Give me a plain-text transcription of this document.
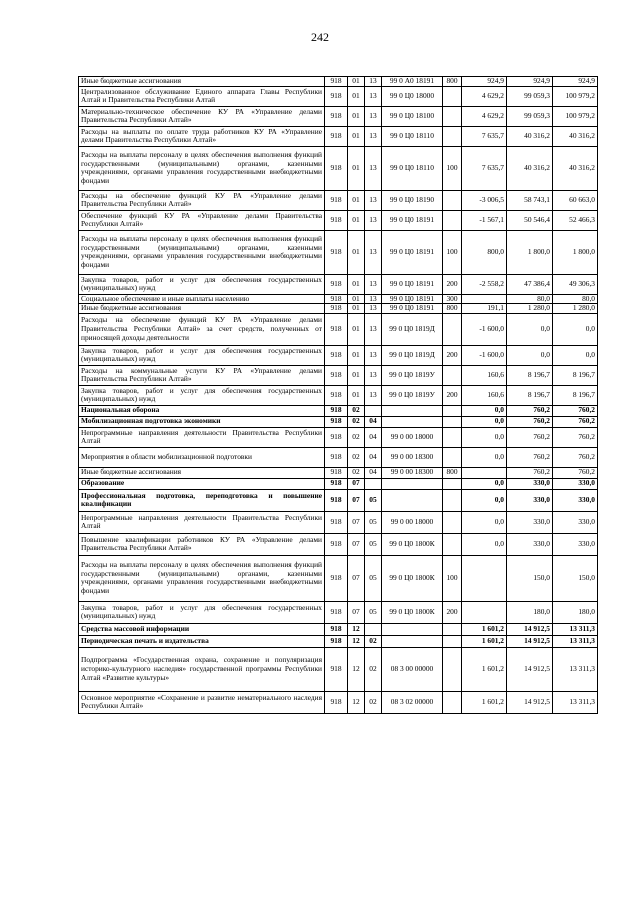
242
Иные бюджетные ассигнования	918	01	13	99 0 А0 18191	800	924,9	924,9	924,9
Централизованное обслуживание Единого аппарата Главы Республики Алтай и Правительства Республики Алтай	918	01	13	99 0 Ц0 18000		4 629,2	99 059,3	100 979,2
Материально-техническое обеспечение КУ РА «Управление делами Правительства Республики Алтай»	918	01	13	99 0 Ц0 18100		4 629,2	99 059,3	100 979,2
Расходы на выплаты по оплате труда работников КУ РА «Управление делами Правительства Республики Алтай»	918	01	13	99 0 Ц0 18110		7 635,7	40 316,2	40 316,2
Расходы на выплаты персоналу в целях обеспечения выполнения функций государственными (муниципальными) органами, казенными учреждениями, органами управления государственными внебюджетными фондами	918	01	13	99 0 Ц0 18110	100	7 635,7	40 316,2	40 316,2
Расходы на обеспечение функций КУ РА «Управление делами Правительства Республики Алтай»	918	01	13	99 0 Ц0 18190		-3 006,5	58 743,1	60 663,0
Обеспечение функций КУ РА «Управление делами Правительства Республики Алтай»	918	01	13	99 0 Ц0 18191		-1 567,1	50 546,4	52 466,3
Расходы на выплаты персоналу в целях обеспечения выполнения функций государственными (муниципальными) органами, казенными учреждениями, органами управления государственными внебюджетными фондами	918	01	13	99 0 Ц0 18191	100	800,0	1 800,0	1 800,0
Закупка товаров, работ и услуг для обеспечения государственных (муниципальных) нужд	918	01	13	99 0 Ц0 18191	200	-2 558,2	47 386,4	49 306,3
Социальное обеспечение и иные выплаты населению	918	01	13	99 0 Ц0 18191	300		80,0	80,0
Иные бюджетные ассигнования	918	01	13	99 0 Ц0 18191	800	191,1	1 280,0	1 280,0
Расходы на обеспечение функций КУ РА «Управление делами Правительства Республики Алтай» за счет средств, полученных от приносящей доходы деятельности	918	01	13	99 0 Ц0 1819Д		-1 600,0	0,0	0,0
Закупка товаров, работ и услуг для обеспечения государственных (муниципальных) нужд	918	01	13	99 0 Ц0 1819Д	200	-1 600,0	0,0	0,0
Расходы на коммунальные услуги КУ РА «Управление делами Правительства Республики Алтай»	918	01	13	99 0 Ц0 1819У		160,6	8 196,7	8 196,7
Закупка товаров, работ и услуг для обеспечения государственных (муниципальных) нужд	918	01	13	99 0 Ц0 1819У	200	160,6	8 196,7	8 196,7
Национальная оборона	918	02				0,0	760,2	760,2
Мобилизационная подготовка экономики	918	02	04			0,0	760,2	760,2
Непрограммные направления деятельности Правительства Республики Алтай	918	02	04	99 0 00 18000		0,0	760,2	760,2
Мероприятия в области мобилизационной подготовки	918	02	04	99 0 00 18300		0,0	760,2	760,2
Иные бюджетные ассигнования	918	02	04	99 0 00 18300	800		760,2	760,2
Образование	918	07				0,0	330,0	330,0
Профессиональная подготовка, переподготовка и повышение квалификации	918	07	05			0,0	330,0	330,0
Непрограммные направления деятельности Правительства Республики Алтай	918	07	05	99 0 00 18000		0,0	330,0	330,0
Повышение квалификации работников КУ РА «Управление делами Правительства Республики Алтай»	918	07	05	99 0 Ц0 1800К		0,0	330,0	330,0
Расходы на выплаты персоналу в целях обеспечения выполнения функций государственными (муниципальными) органами, казенными учреждениями, органами управления государственными внебюджетными фондами	918	07	05	99 0 Ц0 1800К	100		150,0	150,0
Закупка товаров, работ и услуг для обеспечения государственных (муниципальных) нужд	918	07	05	99 0 Ц0 1800К	200		180,0	180,0
Средства массовой информации	918	12				1 601,2	14 912,5	13 311,3
Периодическая печать и издательства	918	12	02			1 601,2	14 912,5	13 311,3
Подпрограмма «Государственная охрана, сохранение и популяризация историко-культурного наследия» государственной программы Республики Алтай «Развитие культуры»	918	12	02	08 3 00 00000		1 601,2	14 912,5	13 311,3
Основное мероприятие «Сохранение и развитие нематериального наследия Республики Алтай»	918	12	02	08 3 02 00000		1 601,2	14 912,5	13 311,3
